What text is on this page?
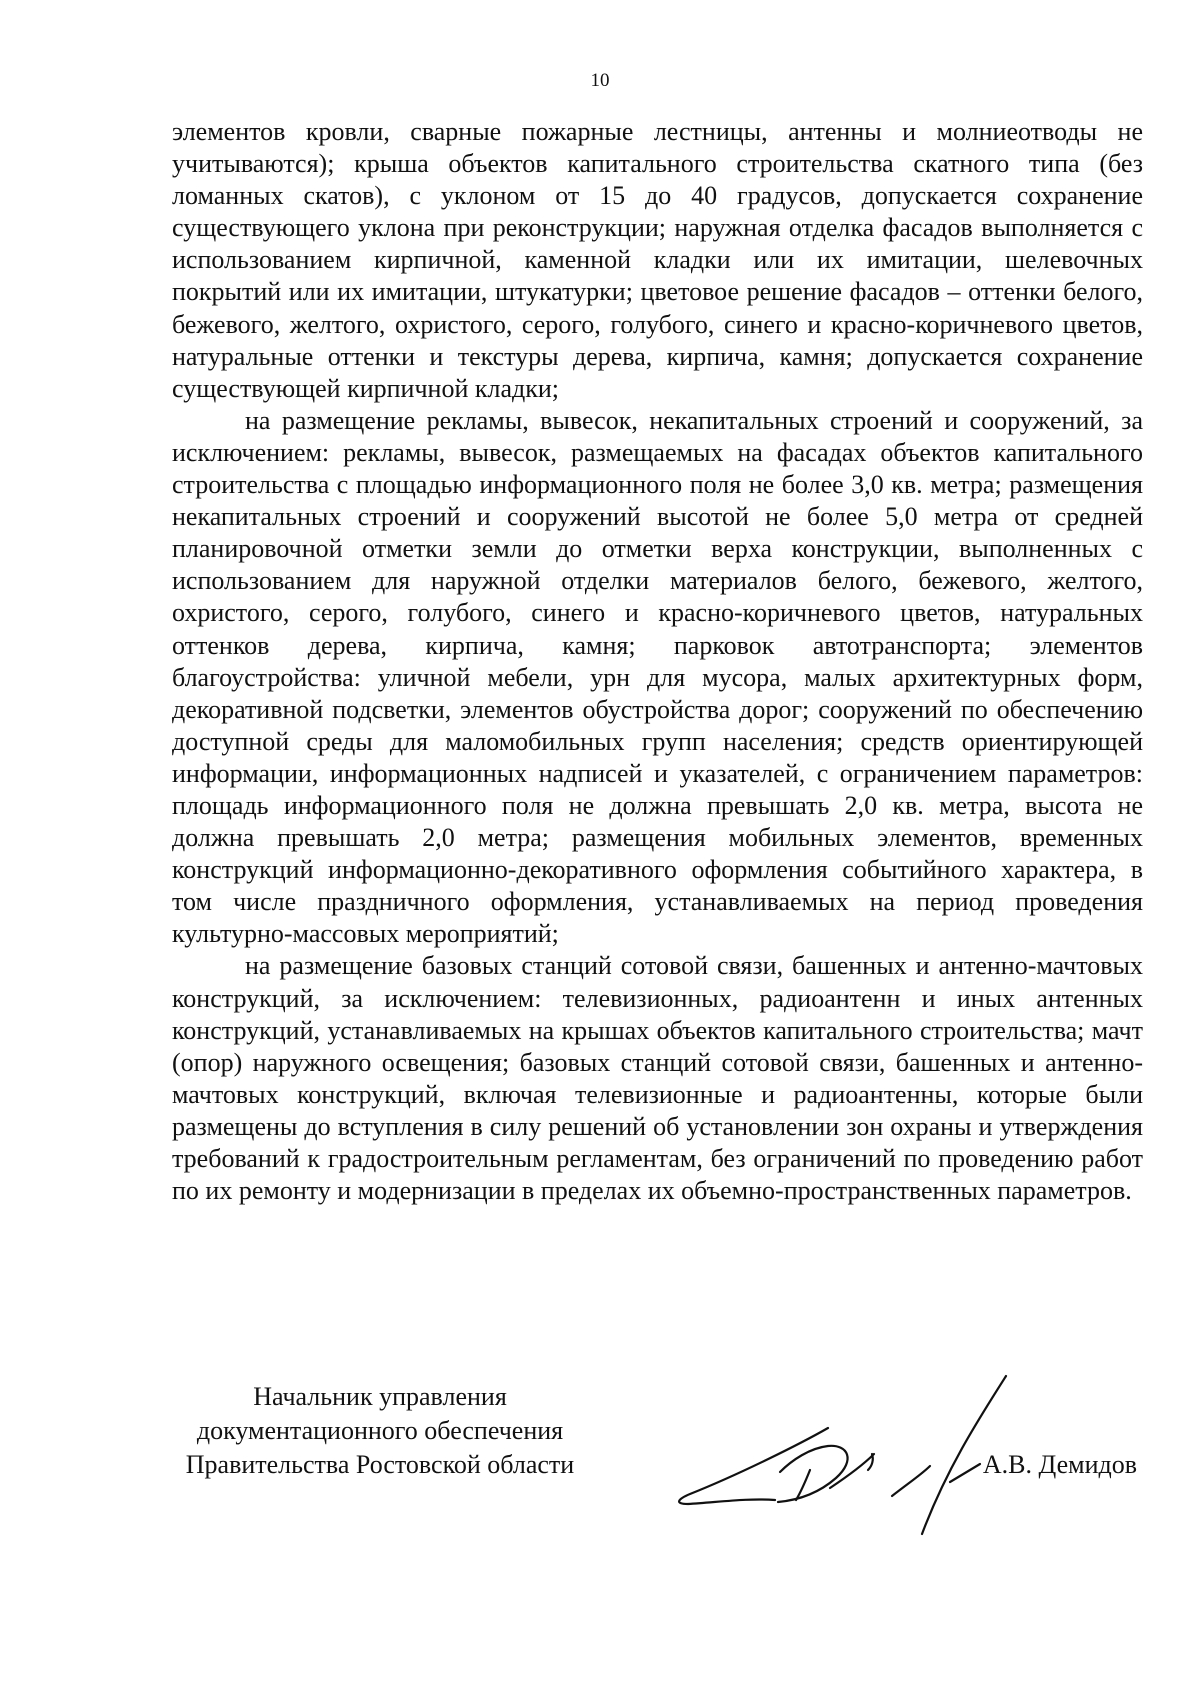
10

элементов кровли, сварные пожарные лестницы, антенны и молниеотводы не учитываются); крыша объектов капитального строительства скатного типа (без ломанных скатов), с уклоном от 15 до 40 градусов, допускается сохранение существующего уклона при реконструкции; наружная отделка фасадов выполняется с использованием кирпичной, каменной кладки или их имитации, шелевочных покрытий или их имитации, штукатурки; цветовое решение фасадов – оттенки белого, бежевого, желтого, охристого, серого, голубого, синего и красно-коричневого цветов, натуральные оттенки и текстуры дерева, кирпича, камня; допускается сохранение существующей кирпичной кладки;

на размещение рекламы, вывесок, некапитальных строений и сооружений, за исключением: рекламы, вывесок, размещаемых на фасадах объектов капитального строительства с площадью информационного поля не более 3,0 кв. метра; размещения некапитальных строений и сооружений высотой не более 5,0 метра от средней планировочной отметки земли до отметки верха конструкции, выполненных с использованием для наружной отделки материалов белого, бежевого, желтого, охристого, серого, голубого, синего и красно-коричневого цветов, натуральных оттенков дерева, кирпича, камня; парковок автотранспорта; элементов благоустройства: уличной мебели, урн для мусора, малых архитектурных форм, декоративной подсветки, элементов обустройства дорог; сооружений по обеспечению доступной среды для маломобильных групп населения; средств ориентирующей информации, информационных надписей и указателей, с ограничением параметров: площадь информационного поля не должна превышать 2,0 кв. метра, высота не должна превышать 2,0 метра; размещения мобильных элементов, временных конструкций информационно-декоративного оформления событийного характера, в том числе праздничного оформления, устанавливаемых на период проведения культурно-массовых мероприятий;

на размещение базовых станций сотовой связи, башенных и антенно-мачтовых конструкций, за исключением: телевизионных, радиоантенн и иных антенных конструкций, устанавливаемых на крышах объектов капитального строительства; мачт (опор) наружного освещения; базовых станций сотовой связи, башенных и антенно-мачтовых конструкций, включая телевизионные и радиоантенны, которые были размещены до вступления в силу решений об установлении зон охраны и утверждения требований к градостроительным регламентам, без ограничений по проведению работ по их ремонту и модернизации в пределах их объемно-пространственных параметров.

Начальник управления
документационного обеспечения
Правительства Ростовской области	А.В. Демидов
